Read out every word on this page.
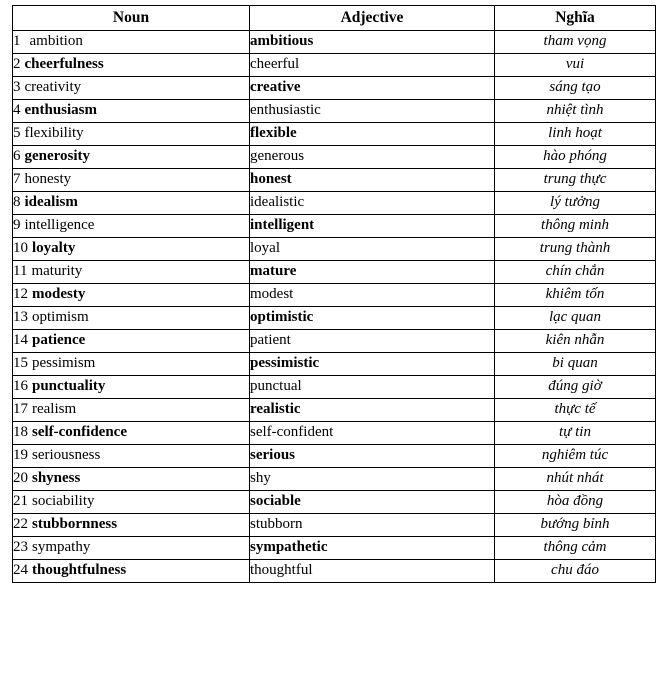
Noun	Adjective	Nghĩa
1 ambition	ambitious	tham vọng
2 cheerfulness	cheerful	vui
3 creativity	creative	sáng tạo
4 enthusiasm	enthusiastic	nhiệt tình
5 flexibility	flexible	linh hoạt
6 generosity	generous	hào phóng
7 honesty	honest	trung thực
8 idealism	idealistic	lý tưởng
9 intelligence	intelligent	thông minh
10 loyalty	loyal	trung thành
11 maturity	mature	chín chắn
12 modesty	modest	khiêm tốn
13 optimism	optimistic	lạc quan
14 patience	patient	kiên nhẫn
15 pessimism	pessimistic	bi quan
16 punctuality	punctual	đúng giờ
17 realism	realistic	thực tế
18 self-confidence	self-confident	tự tin
19 seriousness	serious	nghiêm túc
20 shyness	shy	nhút nhát
21 sociability	sociable	hòa đồng
22 stubbornness	stubborn	bướng bỉnh
23 sympathy	sympathetic	thông cảm
24 thoughtfulness	thoughtful	chu đáo
